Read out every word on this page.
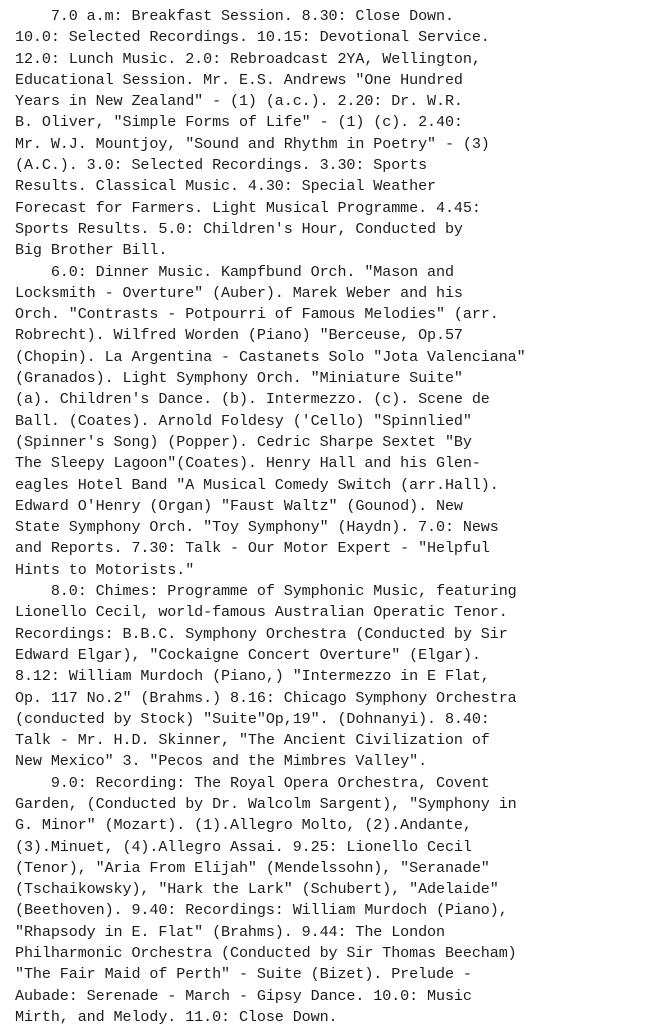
7.0 a.m: Breakfast Session. 8.30: Close Down.
10.0: Selected Recordings. 10.15: Devotional Service.
12.0: Lunch Music. 2.0: Rebroadcast 2YA, Wellington,
Educational Session. Mr. E.S. Andrews "One Hundred
Years in New Zealand" - (1) (a.c.). 2.20: Dr. W.R.
B. Oliver, "Simple Forms of Life" - (1) (c). 2.40:
Mr. W.J. Mountjoy, "Sound and Rhythm in Poetry" - (3)
(A.C.). 3.0: Selected Recordings. 3.30: Sports
Results. Classical Music. 4.30: Special Weather
Forecast for Farmers. Light Musical Programme. 4.45:
Sports Results. 5.0: Children's Hour, Conducted by
Big Brother Bill.
6.0: Dinner Music. Kampfbund Orch. "Mason and
Locksmith - Overture" (Auber). Marek Weber and his
Orch. "Contrasts - Potpourri of Famous Melodies" (arr.
Robrecht). Wilfred Worden (Piano) "Berceuse, Op.57
(Chopin). La Argentina - Castanets Solo "Jota Valenciana"
(Granados). Light Symphony Orch. "Miniature Suite"
(a). Children's Dance. (b). Intermezzo. (c). Scene de
Ball. (Coates). Arnold Foldesy ('Cello) "Spinnlied"
(Spinner's Song) (Popper). Cedric Sharpe Sextet "By
The Sleepy Lagoon"(Coates). Henry Hall and his Glen-
eagles Hotel Band "A Musical Comedy Switch (arr.Hall).
Edward O'Henry (Organ) "Faust Waltz" (Gounod). New
State Symphony Orch. "Toy Symphony" (Haydn). 7.0: News
and Reports. 7.30: Talk - Our Motor Expert - "Helpful
Hints to Motorists."
8.0: Chimes: Programme of Symphonic Music, featuring
Lionello Cecil, world-famous Australian Operatic Tenor.
Recordings: B.B.C. Symphony Orchestra (Conducted by Sir
Edward Elgar), "Cockaigne Concert Overture" (Elgar).
8.12: William Murdoch (Piano,) "Intermezzo in E Flat,
Op. 117 No.2" (Brahms.) 8.16: Chicago Symphony Orchestra
(conducted by Stock) "Suite"Op,19". (Dohnanyi). 8.40:
Talk - Mr. H.D. Skinner, "The Ancient Civilization of
New Mexico" 3. "Pecos and the Mimbres Valley".
9.0: Recording: The Royal Opera Orchestra, Covent
Garden, (Conducted by Dr. Walcolm Sargent), "Symphony in
G. Minor" (Mozart). (1).Allegro Molto, (2).Andante,
(3).Minuet, (4).Allegro Assai. 9.25: Lionello Cecil
(Tenor), "Aria From Elijah" (Mendelssohn), "Seranade"
(Tschaikowsky), "Hark the Lark" (Schubert), "Adelaide"
(Beethoven). 9.40: Recordings: William Murdoch (Piano),
"Rhapsody in E. Flat" (Brahms). 9.44: The London
Philharmonic Orchestra (Conducted by Sir Thomas Beecham)
"The Fair Maid of Perth" - Suite (Bizet). Prelude -
Aubade: Serenade - March - Gipsy Dance. 10.0: Music
Mirth, and Melody. 11.0: Close Down.
